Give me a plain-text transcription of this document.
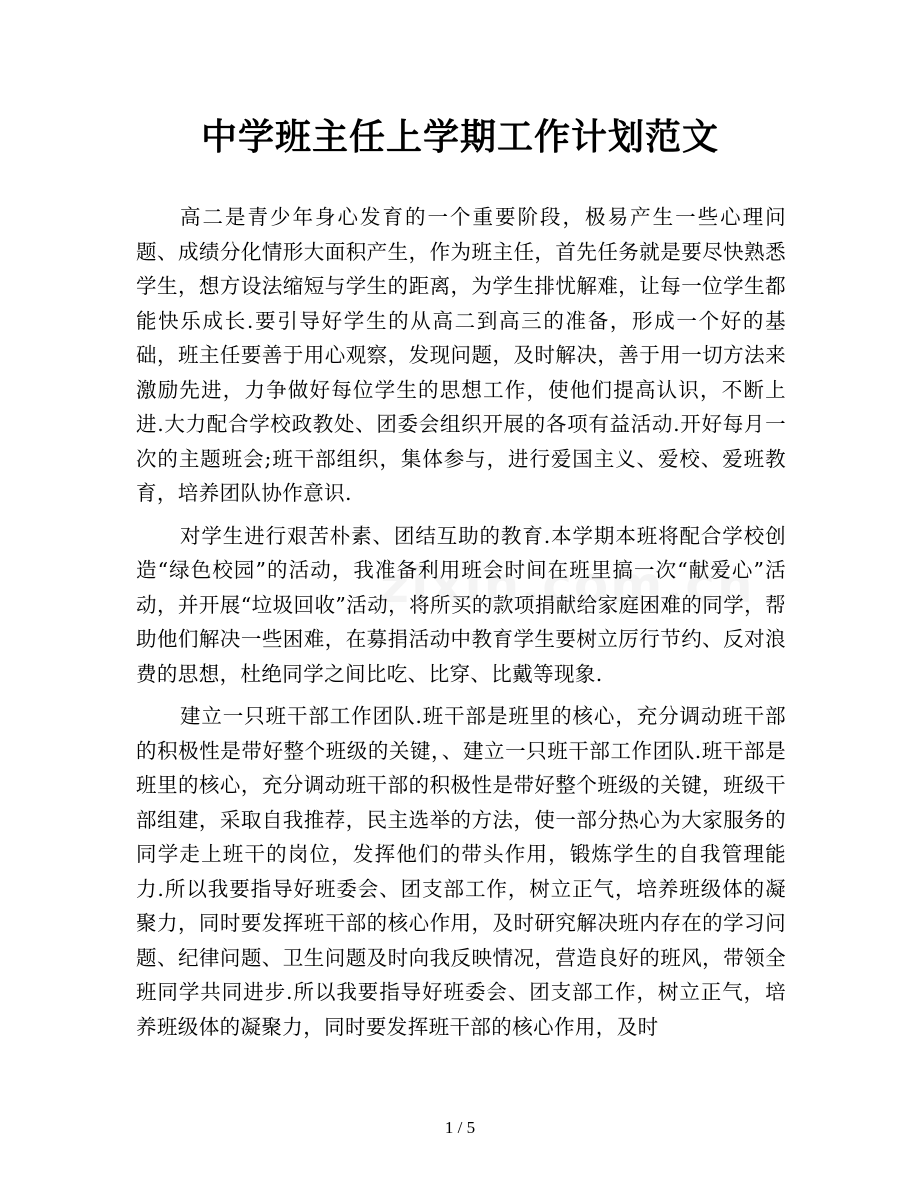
中学班主任上学期工作计划范文

高二是青少年身心发育的一个重要阶段，极易产生一些心理问题、成绩分化情形大面积产生，作为班主任，首先任务就是要尽快熟悉学生，想方设法缩短与学生的距离，为学生排忧解难，让每一位学生都能快乐成长.要引导好学生的从高二到高三的准备，形成一个好的基础，班主任要善于用心观察，发现问题，及时解决，善于用一切方法来激励先进，力争做好每位学生的思想工作，使他们提高认识，不断上进.大力配合学校政教处、团委会组织开展的各项有益活动.开好每月一次的主题班会;班干部组织，集体参与，进行爱国主义、爱校、爱班教育，培养团队协作意识.

对学生进行艰苦朴素、团结互助的教育.本学期本班将配合学校创造“绿色校园”的活动，我准备利用班会时间在班里搞一次“献爱心”活动，并开展“垃圾回收”活动，将所买的款项捐献给家庭困难的同学，帮助他们解决一些困难，在募捐活动中教育学生要树立厉行节约、反对浪费的思想，杜绝同学之间比吃、比穿、比戴等现象.

建立一只班干部工作团队.班干部是班里的核心，充分调动班干部的积极性是带好整个班级的关键，、建立一只班干部工作团队.班干部是班里的核心，充分调动班干部的积极性是带好整个班级的关键，班级干部组建，采取自我推荐，民主选举的方法，使一部分热心为大家服务的同学走上班干的岗位，发挥他们的带头作用，锻炼学生的自我管理能力.所以我要指导好班委会、团支部工作，树立正气，培养班级体的凝聚力，同时要发挥班干部的核心作用，及时研究解决班内存在的学习问题、纪律问题、卫生问题及时向我反映情况，营造良好的班风，带领全班同学共同进步.所以我要指导好班委会、团支部工作，树立正气，培养班级体的凝聚力，同时要发挥班干部的核心作用，及时

1 / 5
